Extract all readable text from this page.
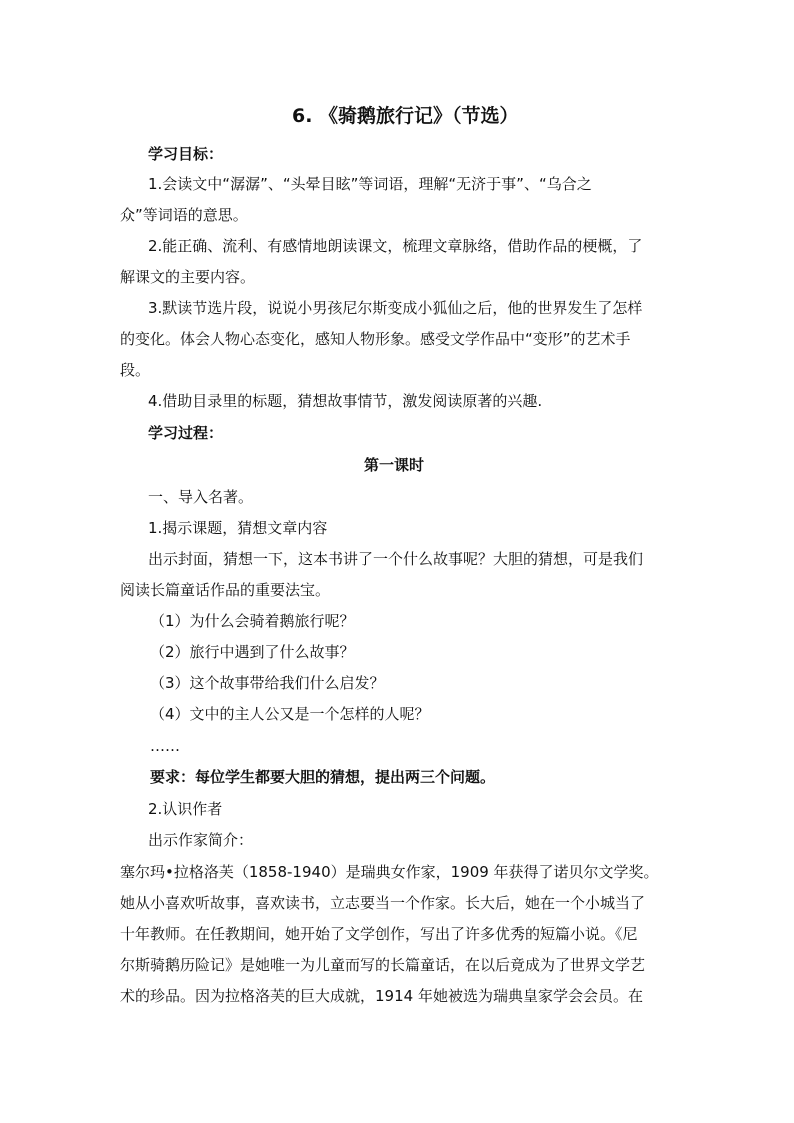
6. 《骑鹅旅行记》（节选）
学习目标：
1.会读文中“潺潺”、“头晕目眩”等词语，理解“无济于事”、“乌合之
众”等词语的意思。
2.能正确、流利、有感情地朗读课文，梳理文章脉络，借助作品的梗概，了
解课文的主要内容。
3.默读节选片段，说说小男孩尼尔斯变成小狐仙之后，他的世界发生了怎样
的变化。体会人物心态变化，感知人物形象。感受文学作品中“变形”的艺术手
段。
4.借助目录里的标题，猜想故事情节，激发阅读原著的兴趣.
学习过程：
第一课时
一、导入名著。
1.揭示课题，猜想文章内容
出示封面，猜想一下，这本书讲了一个什么故事呢？大胆的猜想，可是我们
阅读长篇童话作品的重要法宝。
（1）为什么会骑着鹅旅行呢？
（2）旅行中遇到了什么故事？
（3）这个故事带给我们什么启发？
（4）文中的主人公又是一个怎样的人呢？
……
要求：每位学生都要大胆的猜想，提出两三个问题。
2.认识作者
出示作家简介：
塞尔玛•拉格洛芙（1858-1940）是瑞典女作家，1909 年获得了诺贝尔文学奖。
她从小喜欢听故事，喜欢读书，立志要当一个作家。长大后，她在一个小城当了
十年教师。在任教期间，她开始了文学创作，写出了许多优秀的短篇小说。《尼
尔斯骑鹅历险记》是她唯一为儿童而写的长篇童话，在以后竟成为了世界文学艺
术的珍品。因为拉格洛芙的巨大成就，1914 年她被选为瑞典皇家学会会员。在
